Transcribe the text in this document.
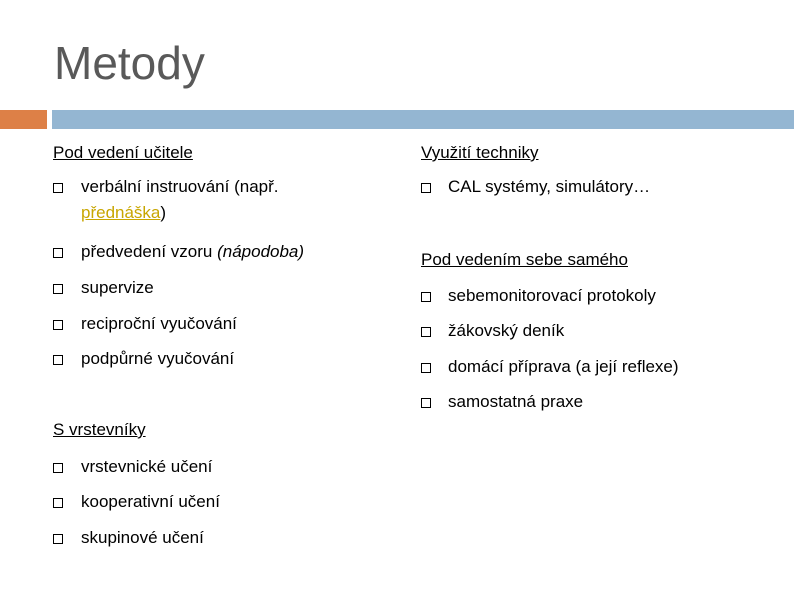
Metody
Pod vedení učitele
verbální instruování (např.
přednáška)
předvedení vzoru (nápodoba)
supervize
reciproční vyučování
podpůrné vyučování
S vrstevníky
vrstevnické učení
kooperativní učení
skupinové učení
Využití techniky
CAL systémy, simulátory…
Pod vedením sebe samého
sebemonitorovací protokoly
žákovský deník
domácí příprava (a její reflexe)
samostatná praxe
